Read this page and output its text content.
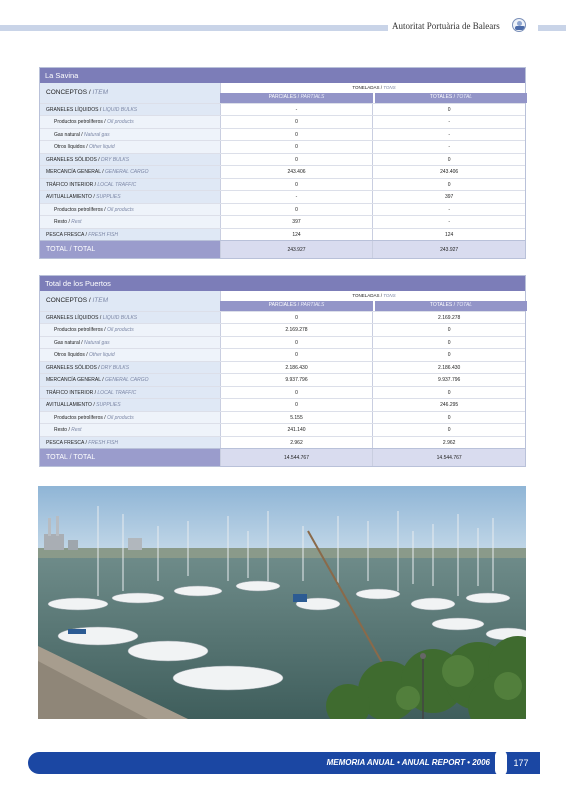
Autoritat Portuària de Balears
La Savina
CONCEPTOS / ITEM
TONELADAS / TONS
PARCIALES / PARTIALS	TOTALES / TOTAL
GRANELES LÍQUIDOS / LIQUID BULKS	-	0
Productos petrolíferos / Oil products	0	-
Gas natural / Natural gas	0	-
Otros líquidos / Other liquid	0	-
GRANELES SÓLIDOS / DRY BULKS	0	0
MERCANCÍA GENERAL / GENERAL CARGO	243.406	243.406
TRÁFICO INTERIOR / LOCAL TRAFFIC	0	0
AVITUALLAMIENTO / SUPPLIES	-	397
Productos petrolíferos / Oil products	0	-
Resto / Rest	397	-
PESCA FRESCA / FRESH FISH	124	124
TOTAL / TOTAL	243.927	243.927
Total de los Puertos
CONCEPTOS / ITEM
TONELADAS / TONS
PARCIALES / PARTIALS	TOTALES / TOTAL
GRANELES LÍQUIDOS / LIQUID BULKS	0	2.169.278
Productos petrolíferos / Oil products	2.169.278	0
Gas natural / Natural gas	0	0
Otros líquidos / Other liquid	0	0
GRANELES SÓLIDOS / DRY BULKS	2.186.430	2.186.430
MERCANCÍA GENERAL / GENERAL CARGO	9.937.796	9.937.796
TRÁFICO INTERIOR / LOCAL TRAFFIC	0	0
AVITUALLAMIENTO / SUPPLIES	0	246.295
Productos petrolíferos / Oil products	5.155	0
Resto / Rest	241.140	0
PESCA FRESCA / FRESH FISH	2.962	2.962
TOTAL / TOTAL	14.544.767	14.544.767
MEMORIA ANUAL • ANUAL REPORT • 2006	177
